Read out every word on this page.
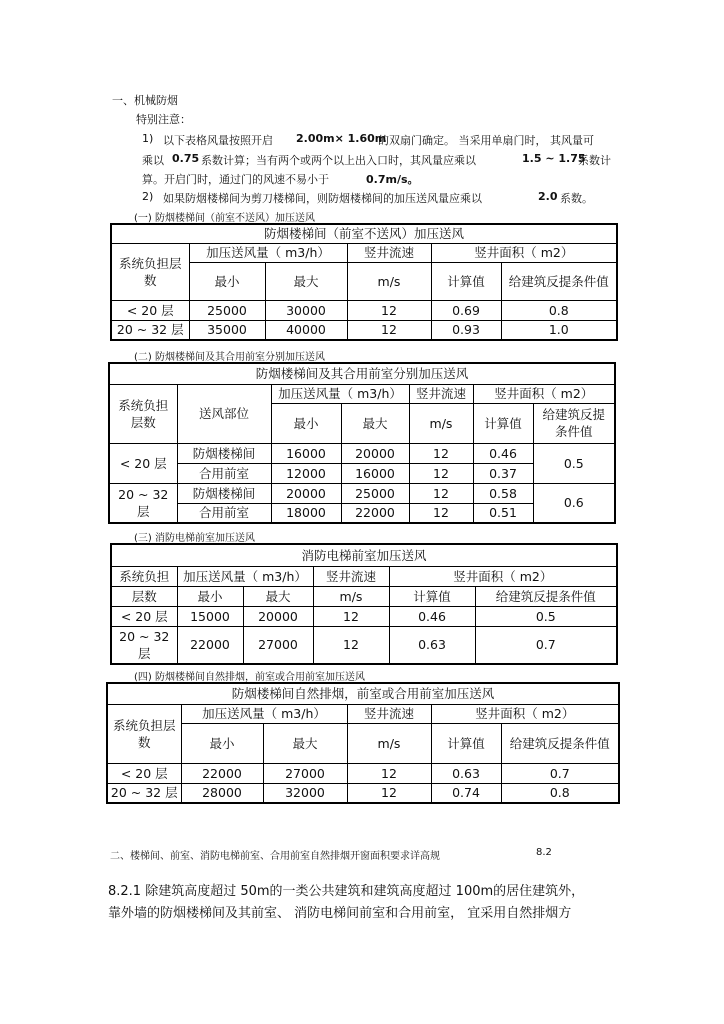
一、机械防烟
特别注意：
1) 以下表格风量按照开启 2.00m× 1.60m
的双扇门确定。 当采用单扇门时， 其风量可
乘以 0.75 系数计算；当有两个或两个以上出入口时，其风量应乘以	1.5 ~ 1.75
系数计
算。开启门时，通过门的风速不易小于	0.7m/s。
2) 如果防烟楼梯间为剪刀楼梯间，则防烟楼梯间的加压送风量应乘以	2.0 系数。
(一) 防烟楼梯间（前室不送风）加压送风
防烟楼梯间（前室不送风）加压送风					
系统负担层数	加压送风量（ m3/h）		竖井流速	竖井面积（ m2）	
	最小	最大	m/s	计算值	给建筑反提条件值
< 20 层	25000	30000	12	0.69	0.8
20 ~ 32 层	35000	40000	12	0.93	1.0
(二) 防烟楼梯间及其合用前室分别加压送风
防烟楼梯间及其合用前室分别加压送风						
系统负担层数	送风部位	加压送风量（ m3/h）		竖井流速	竖井面积（ m2）	
		最小	最大	m/s	计算值	给建筑反提条件值
< 20 层	防烟楼梯间	16000	20000	12	0.46	0.5
	合用前室	12000	16000	12	0.37	
20 ~ 32 层	防烟楼梯间	20000	25000	12	0.58	0.6
	合用前室	18000	22000	12	0.51	
(三) 消防电梯前室加压送风
消防电梯前室加压送风					
系统负担	加压送风量（ m3/h）		竖井流速	竖井面积（ m2）	
层数	最小	最大	m/s	计算值	给建筑反提条件值
< 20 层	15000	20000	12	0.46	0.5
20 ~ 32 层	22000	27000	12	0.63	0.7
(四) 防烟楼梯间自然排烟，前室或合用前室加压送风
防烟楼梯间自然排烟，前室或合用前室加压送风					
系统负担层数	加压送风量（ m3/h）		竖井流速	竖井面积（ m2）	
	最小	最大	m/s	计算值	给建筑反提条件值
< 20 层	22000	27000	12	0.63	0.7
20 ~ 32 层	28000	32000	12	0.74	0.8
二、楼梯间、前室、消防电梯前室、合用前室自然排烟开窗面积要求详高规	8.2
8.2.1 除建筑高度超过 50m的一类公共建筑和建筑高度超过 100m的居住建筑外，
靠外墙的防烟楼梯间及其前室、 消防电梯间前室和合用前室， 宜采用自然排烟方
